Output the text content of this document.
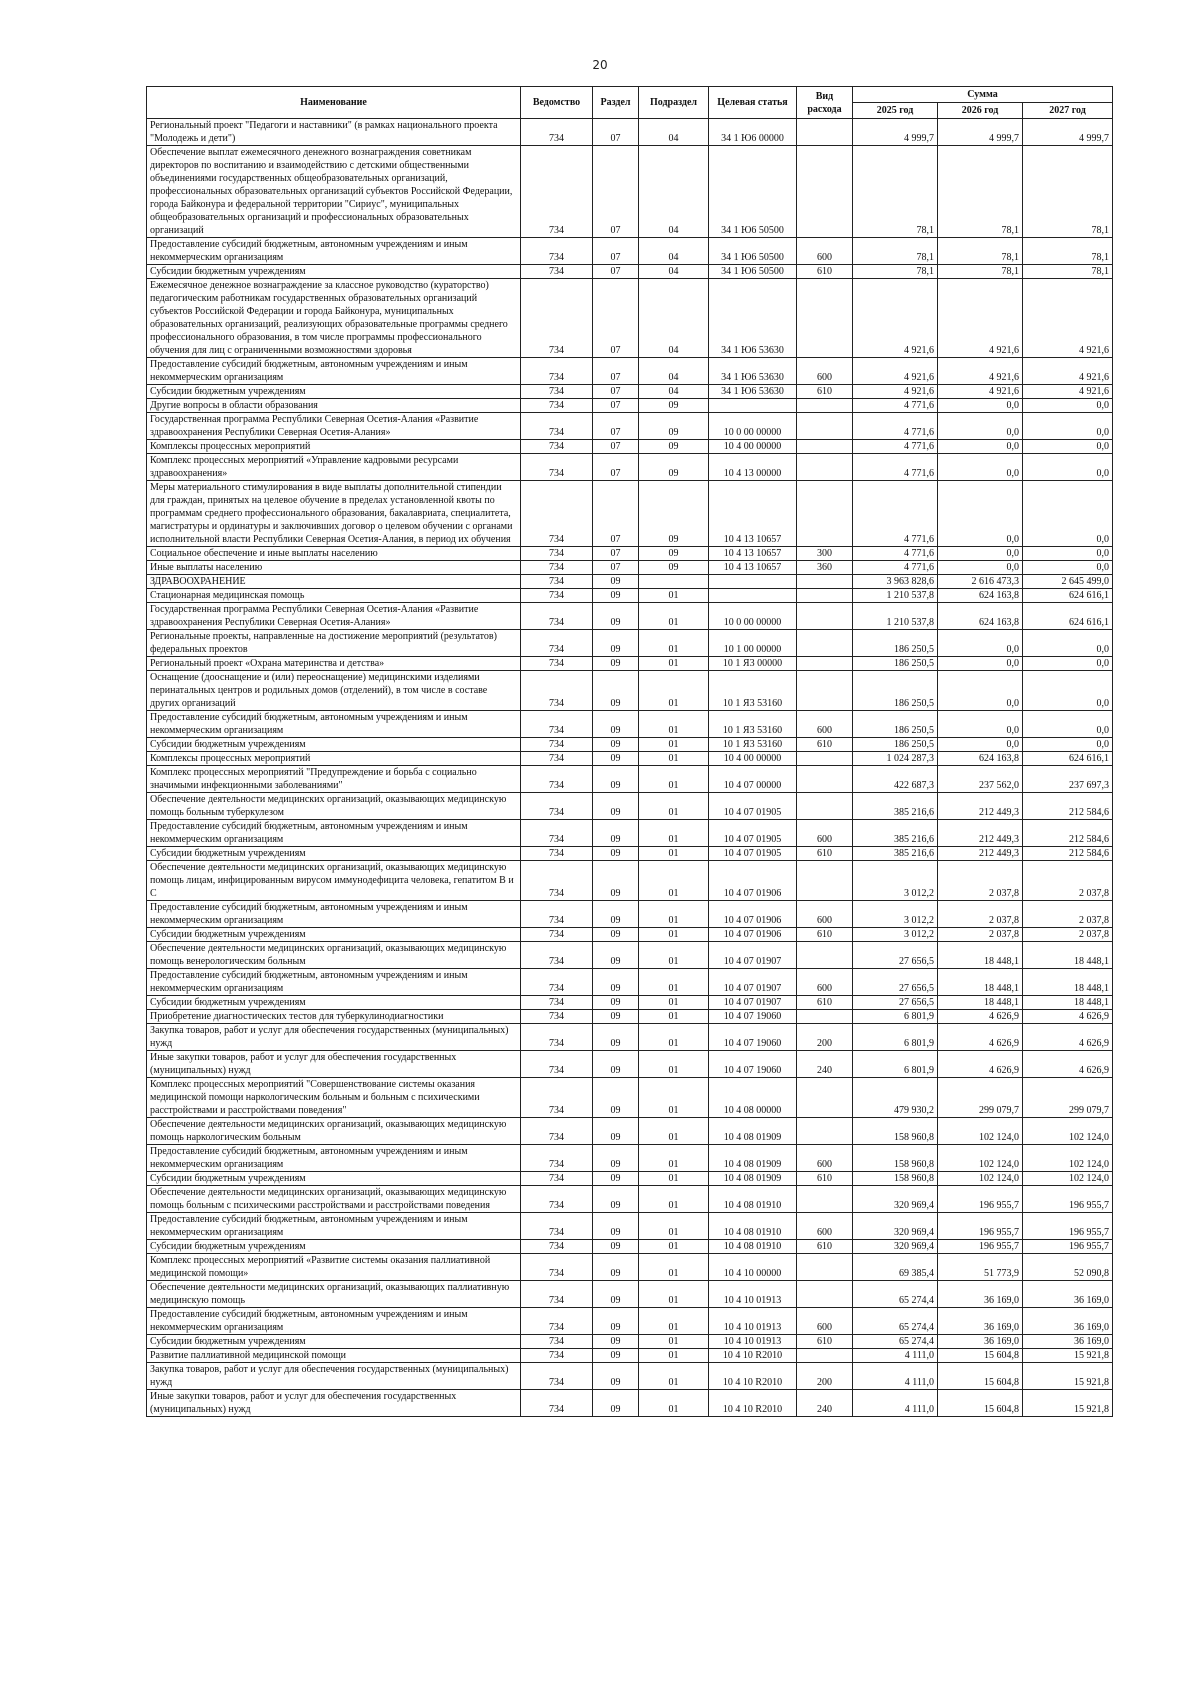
20
Наименование	Ведомство	Раздел	Подраздел	Целевая статья	Вид расхода	Сумма		
						2025 год	2026 год	2027 год
Региональный проект "Педагоги и наставники" (в рамках национального проекта "Молодежь и дети")	734	07	04	34 1 Ю6 00000		4 999,7	4 999,7	4 999,7
Обеспечение выплат ежемесячного денежного вознаграждения советникам директоров по воспитанию и взаимодействию с детскими общественными объединениями государственных общеобразовательных организаций, профессиональных образовательных организаций субъектов Российской Федерации, города Байконура и федеральной территории "Сириус", муниципальных общеобразовательных организаций и профессиональных образовательных организаций	734	07	04	34 1 Ю6 50500		78,1	78,1	78,1
Предоставление субсидий бюджетным, автономным учреждениям и иным некоммерческим организациям	734	07	04	34 1 Ю6 50500	600	78,1	78,1	78,1
Субсидии бюджетным учреждениям	734	07	04	34 1 Ю6 50500	610	78,1	78,1	78,1
Ежемесячное денежное вознаграждение за классное руководство (кураторство) педагогическим работникам государственных образовательных организаций субъектов Российской Федерации и города Байконура, муниципальных образовательных организаций, реализующих образовательные программы среднего профессионального образования, в том числе программы профессионального обучения для лиц с ограниченными возможностями здоровья	734	07	04	34 1 Ю6 53630		4 921,6	4 921,6	4 921,6
Предоставление субсидий бюджетным, автономным учреждениям и иным некоммерческим организациям	734	07	04	34 1 Ю6 53630	600	4 921,6	4 921,6	4 921,6
Субсидии бюджетным учреждениям	734	07	04	34 1 Ю6 53630	610	4 921,6	4 921,6	4 921,6
Другие вопросы в области образования	734	07	09			4 771,6	0,0	0,0
Государственная программа Республики Северная Осетия-Алания «Развитие здравоохранения Республики Северная Осетия-Алания»	734	07	09	10 0 00 00000		4 771,6	0,0	0,0
Комплексы процессных мероприятий	734	07	09	10 4 00 00000		4 771,6	0,0	0,0
Комплекс процессных мероприятий «Управление кадровыми ресурсами здравоохранения»	734	07	09	10 4 13 00000		4 771,6	0,0	0,0
Меры материального стимулирования в виде выплаты дополнительной стипендии для граждан, принятых на целевое обучение в пределах установленной квоты по программам среднего профессионального образования, бакалавриата, специалитета, магистратуры и ординатуры и заключивших договор о целевом обучении с органами исполнительной власти Республики Северная Осетия-Алания, в период их обучения	734	07	09	10 4 13 10657		4 771,6	0,0	0,0
Социальное обеспечение и иные выплаты населению	734	07	09	10 4 13 10657	300	4 771,6	0,0	0,0
Иные выплаты населению	734	07	09	10 4 13 10657	360	4 771,6	0,0	0,0
ЗДРАВООХРАНЕНИЕ	734	09				3 963 828,6	2 616 473,3	2 645 499,0
Стационарная медицинская помощь	734	09	01			1 210 537,8	624 163,8	624 616,1
Государственная программа Республики Северная Осетия-Алания «Развитие здравоохранения Республики Северная Осетия-Алания»	734	09	01	10 0 00 00000		1 210 537,8	624 163,8	624 616,1
Региональные проекты, направленные на достижение мероприятий (результатов) федеральных проектов	734	09	01	10 1 00 00000		186 250,5	0,0	0,0
Региональный проект «Охрана материнства и детства»	734	09	01	10 1 Я3 00000		186 250,5	0,0	0,0
Оснащение (дооснащение и (или) переоснащение) медицинскими изделиями перинатальных центров и родильных домов (отделений), в том числе в составе других организаций	734	09	01	10 1 Я3 53160		186 250,5	0,0	0,0
Предоставление субсидий бюджетным, автономным учреждениям и иным некоммерческим организациям	734	09	01	10 1 Я3 53160	600	186 250,5	0,0	0,0
Субсидии бюджетным учреждениям	734	09	01	10 1 Я3 53160	610	186 250,5	0,0	0,0
Комплексы процессных мероприятий	734	09	01	10 4 00 00000		1 024 287,3	624 163,8	624 616,1
Комплекс процессных мероприятий "Предупреждение и борьба с социально значимыми инфекционными заболеваниями"	734	09	01	10 4 07 00000		422 687,3	237 562,0	237 697,3
Обеспечение деятельности медицинских организаций, оказывающих медицинскую помощь больным туберкулезом	734	09	01	10 4 07 01905		385 216,6	212 449,3	212 584,6
Предоставление субсидий бюджетным, автономным учреждениям и иным некоммерческим организациям	734	09	01	10 4 07 01905	600	385 216,6	212 449,3	212 584,6
Субсидии бюджетным учреждениям	734	09	01	10 4 07 01905	610	385 216,6	212 449,3	212 584,6
Обеспечение деятельности медицинских организаций, оказывающих медицинскую помощь лицам, инфицированным вирусом иммунодефицита человека, гепатитом В и С	734	09	01	10 4 07 01906		3 012,2	2 037,8	2 037,8
Предоставление субсидий бюджетным, автономным учреждениям и иным некоммерческим организациям	734	09	01	10 4 07 01906	600	3 012,2	2 037,8	2 037,8
Субсидии бюджетным учреждениям	734	09	01	10 4 07 01906	610	3 012,2	2 037,8	2 037,8
Обеспечение деятельности медицинских организаций, оказывающих медицинскую помощь венерологическим больным	734	09	01	10 4 07 01907		27 656,5	18 448,1	18 448,1
Предоставление субсидий бюджетным, автономным учреждениям и иным некоммерческим организациям	734	09	01	10 4 07 01907	600	27 656,5	18 448,1	18 448,1
Субсидии бюджетным учреждениям	734	09	01	10 4 07 01907	610	27 656,5	18 448,1	18 448,1
Приобретение диагностических тестов для туберкулинодиагностики	734	09	01	10 4 07 19060		6 801,9	4 626,9	4 626,9
Закупка товаров, работ и услуг для обеспечения государственных (муниципальных) нужд	734	09	01	10 4 07 19060	200	6 801,9	4 626,9	4 626,9
Иные закупки товаров, работ и услуг для обеспечения государственных (муниципальных) нужд	734	09	01	10 4 07 19060	240	6 801,9	4 626,9	4 626,9
Комплекс процессных мероприятий "Совершенствование системы оказания медицинской помощи наркологическим больным и больным с психическими расстройствами и расстройствами поведения"	734	09	01	10 4 08 00000		479 930,2	299 079,7	299 079,7
Обеспечение деятельности медицинских организаций, оказывающих медицинскую помощь наркологическим больным	734	09	01	10 4 08 01909		158 960,8	102 124,0	102 124,0
Предоставление субсидий бюджетным, автономным учреждениям и иным некоммерческим организациям	734	09	01	10 4 08 01909	600	158 960,8	102 124,0	102 124,0
Субсидии бюджетным учреждениям	734	09	01	10 4 08 01909	610	158 960,8	102 124,0	102 124,0
Обеспечение деятельности медицинских организаций, оказывающих медицинскую помощь больным с психическими расстройствами и расстройствами поведения	734	09	01	10 4 08 01910		320 969,4	196 955,7	196 955,7
Предоставление субсидий бюджетным, автономным учреждениям и иным некоммерческим организациям	734	09	01	10 4 08 01910	600	320 969,4	196 955,7	196 955,7
Субсидии бюджетным учреждениям	734	09	01	10 4 08 01910	610	320 969,4	196 955,7	196 955,7
Комплекс процессных мероприятий «Развитие системы оказания паллиативной медицинской помощи»	734	09	01	10 4 10 00000		69 385,4	51 773,9	52 090,8
Обеспечение деятельности медицинских организаций, оказывающих паллиативную медицинскую помощь	734	09	01	10 4 10 01913		65 274,4	36 169,0	36 169,0
Предоставление субсидий бюджетным, автономным учреждениям и иным некоммерческим организациям	734	09	01	10 4 10 01913	600	65 274,4	36 169,0	36 169,0
Субсидии бюджетным учреждениям	734	09	01	10 4 10 01913	610	65 274,4	36 169,0	36 169,0
Развитие паллиативной медицинской помощи	734	09	01	10 4 10 R2010		4 111,0	15 604,8	15 921,8
Закупка товаров, работ и услуг для обеспечения государственных (муниципальных) нужд	734	09	01	10 4 10 R2010	200	4 111,0	15 604,8	15 921,8
Иные закупки товаров, работ и услуг для обеспечения государственных (муниципальных) нужд	734	09	01	10 4 10 R2010	240	4 111,0	15 604,8	15 921,8
